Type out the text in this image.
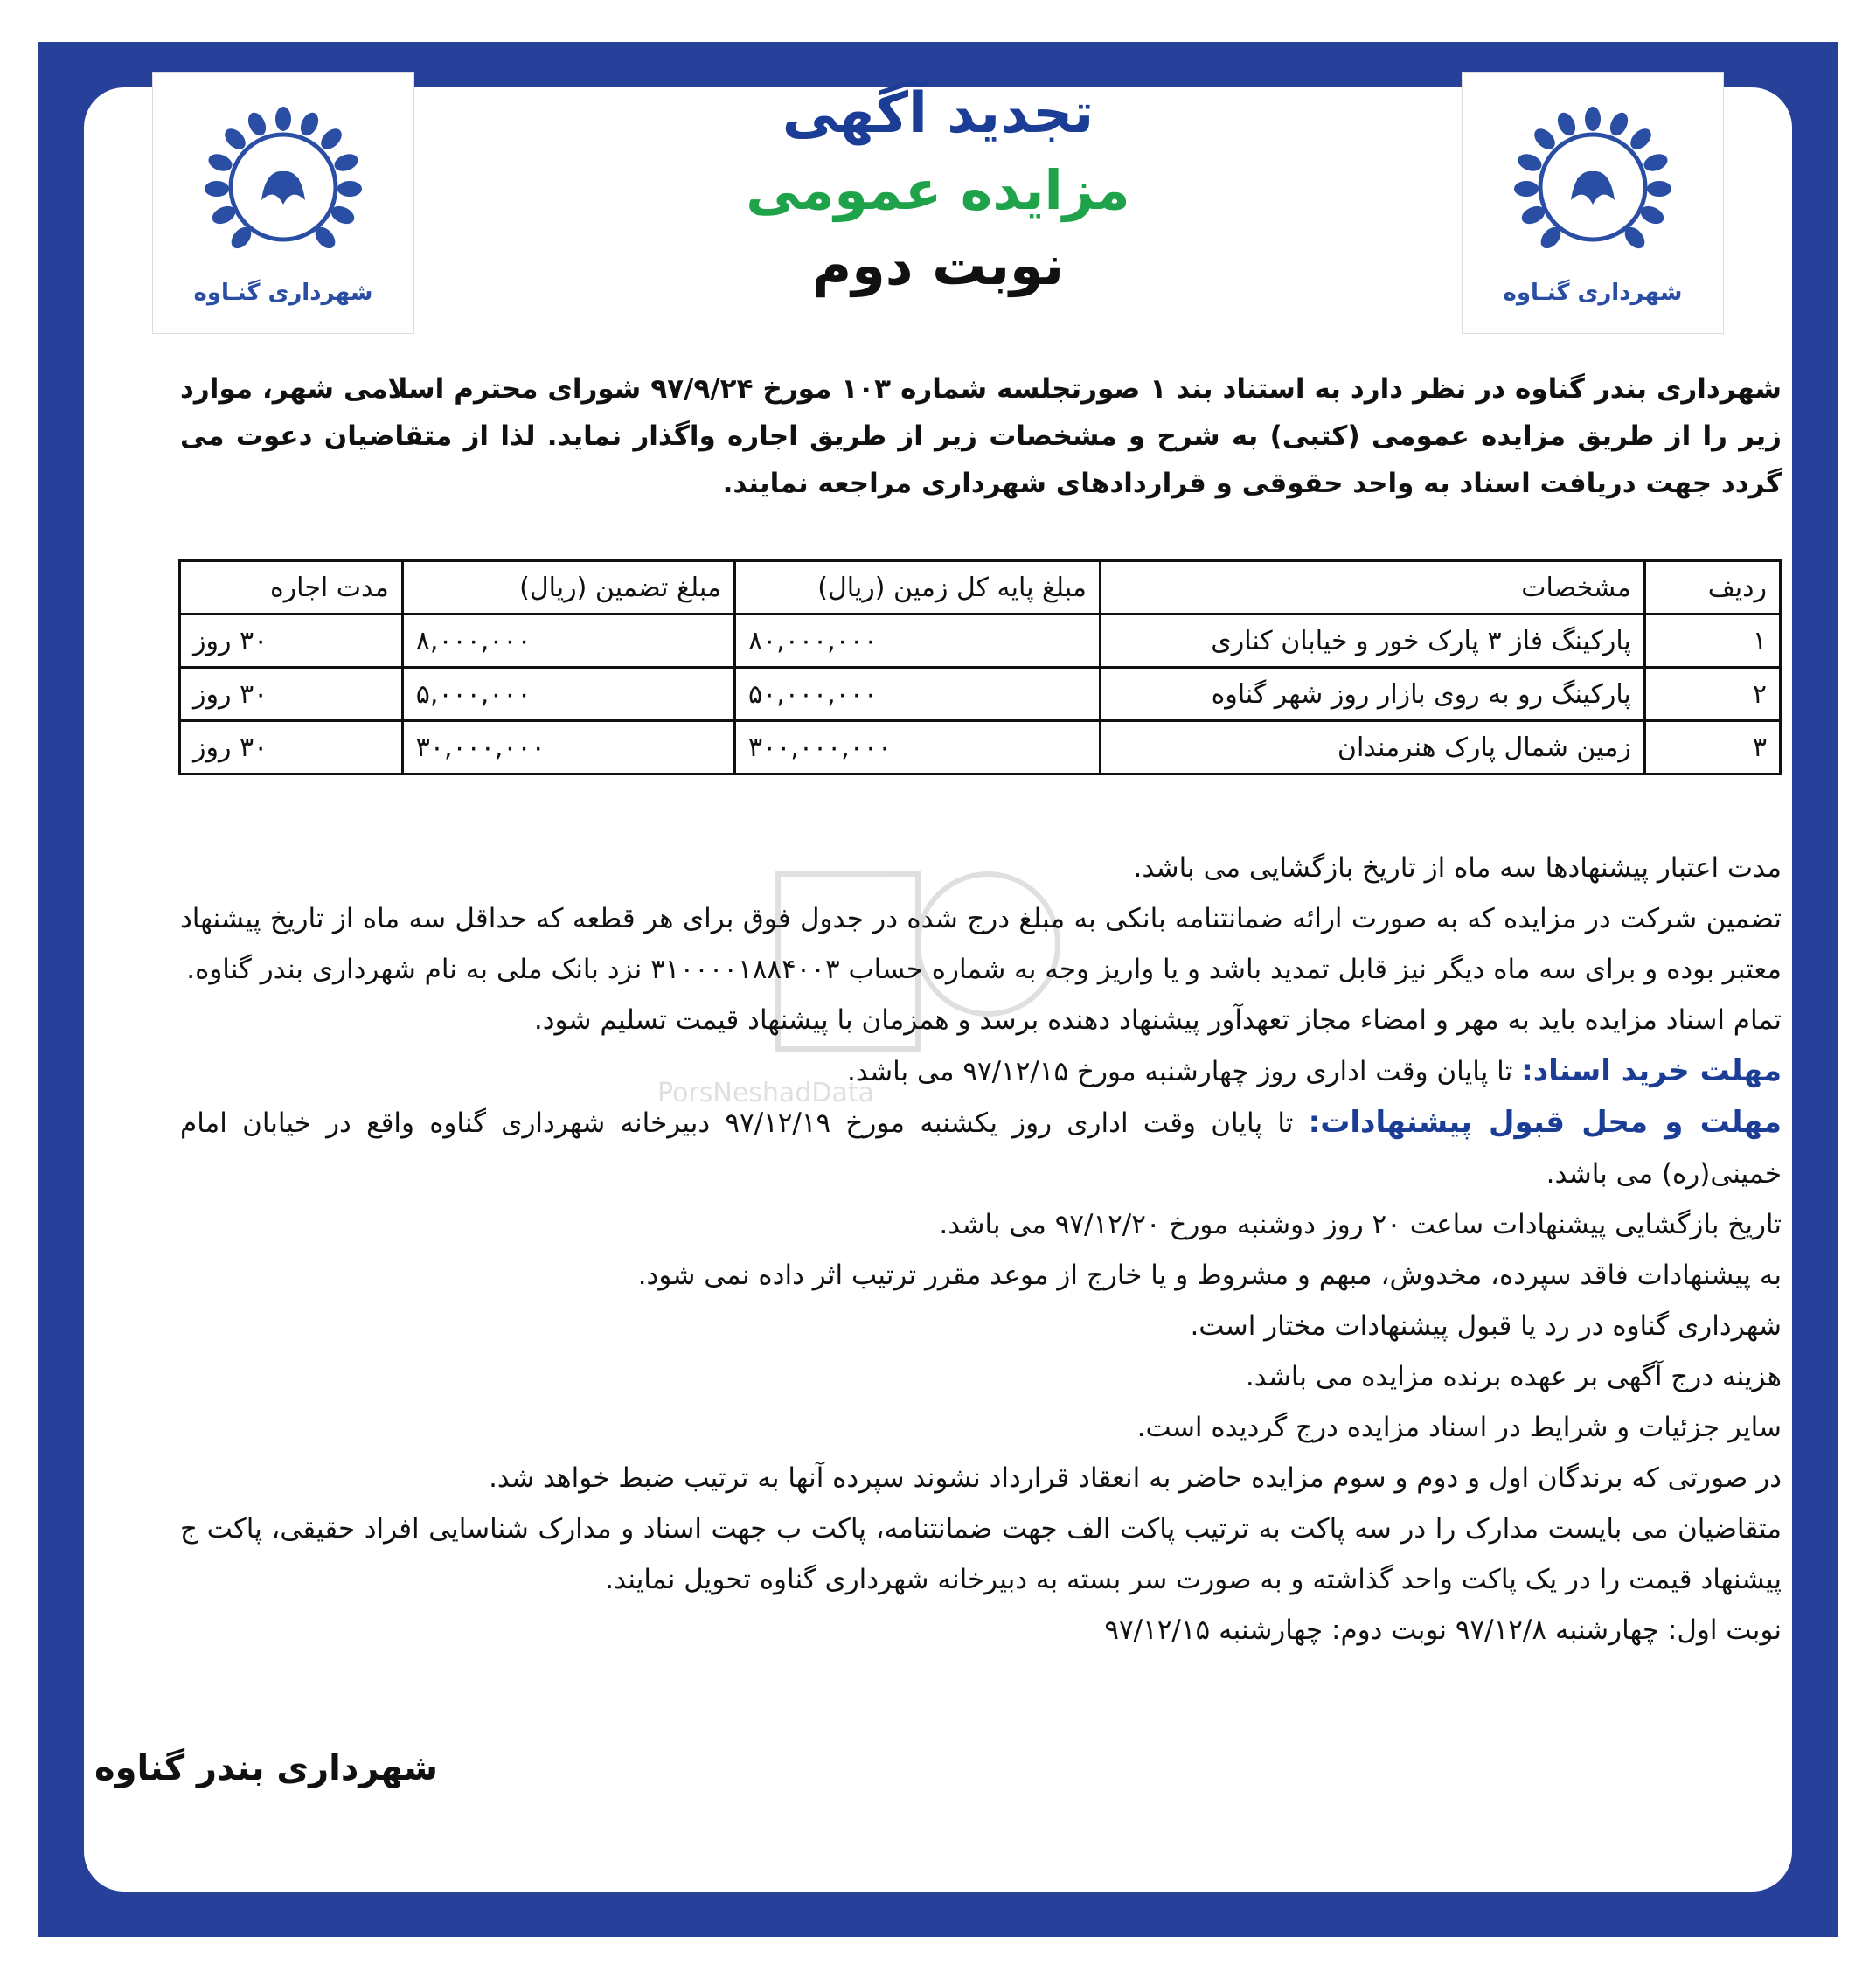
شهرداری گنـاوه
شهرداری گنـاوه
تجدید آگهی
مزایده عمومی
نوبت دوم
شهرداری بندر گناوه در نظر دارد به استناد بند ۱ صورتجلسه شماره ۱۰۳ مورخ ۹۷/۹/۲۴ شورای محترم اسلامی شهر، موارد زیر را از طریق مزایده عمومی (کتبی) به شرح و مشخصات زیر از طریق اجاره واگذار نماید. لذا از متقاضیان دعوت می گردد جهت دریافت اسناد به واحد حقوقی و قراردادهای شهرداری مراجعه نمایند.
ردیف	مشخصات	مبلغ پایه کل زمین (ریال)	مبلغ تضمین (ریال)	مدت اجاره
۱	پارکینگ فاز ۳ پارک خور و خیابان کناری	۸۰,۰۰۰,۰۰۰	۸,۰۰۰,۰۰۰	۳۰ روز
۲	پارکینگ رو به روی بازار روز شهر گناوه	۵۰,۰۰۰,۰۰۰	۵,۰۰۰,۰۰۰	۳۰ روز
۳	زمین شمال پارک هنرمندان	۳۰۰,۰۰۰,۰۰۰	۳۰,۰۰۰,۰۰۰	۳۰ روز

مدت اعتبار پیشنهادها سه ماه از تاریخ بازگشایی می باشد.

تضمین شرکت در مزایده که به صورت ارائه ضمانتنامه بانکی به مبلغ درج شده در جدول فوق برای هر قطعه که حداقل سه ماه از تاریخ پیشنهاد معتبر بوده و برای سه ماه دیگر نیز قابل تمدید باشد و یا واریز وجه به شماره حساب ۳۱۰۰۰۰۱۸۸۴۰۰۳ نزد بانک ملی به نام شهرداری بندر گناوه.

تمام اسناد مزایده باید به مهر و امضاء مجاز تعهدآور پیشنهاد دهنده برسد و همزمان با پیشنهاد قیمت تسلیم شود.

مهلت خرید اسناد: تا پایان وقت اداری روز چهارشنبه مورخ ۹۷/۱۲/۱۵ می باشد.

مهلت و محل قبول پیشنهادات: تا پایان وقت اداری روز یکشنبه مورخ ۹۷/۱۲/۱۹ دبیرخانه شهرداری گناوه واقع در خیابان امام خمینی(ره) می باشد.

تاریخ بازگشایی پیشنهادات ساعت ۲۰ روز دوشنبه مورخ ۹۷/۱۲/۲۰ می باشد.

به پیشنهادات فاقد سپرده، مخدوش، مبهم و مشروط و یا خارج از موعد مقرر ترتیب اثر داده نمی شود.

شهرداری گناوه در رد یا قبول پیشنهادات مختار است.

هزینه درج آگهی بر عهده برنده مزایده می باشد.

سایر جزئیات و شرایط در اسناد مزایده درج گردیده است.

در صورتی که برندگان اول و دوم و سوم مزایده حاضر به انعقاد قرارداد نشوند سپرده آنها به ترتیب ضبط خواهد شد.

متقاضیان می بایست مدارک را در سه پاکت به ترتیب پاکت الف جهت ضمانتنامه، پاکت ب جهت اسناد و مدارک شناسایی افراد حقیقی، پاکت ج پیشنهاد قیمت را در یک پاکت واحد گذاشته و به صورت سر بسته به دبیرخانه شهرداری گناوه تحویل نمایند.

نوبت اول: چهارشنبه ۹۷/۱۲/۸ نوبت دوم: چهارشنبه ۹۷/۱۲/۱۵

شهرداری بندر گناوه
